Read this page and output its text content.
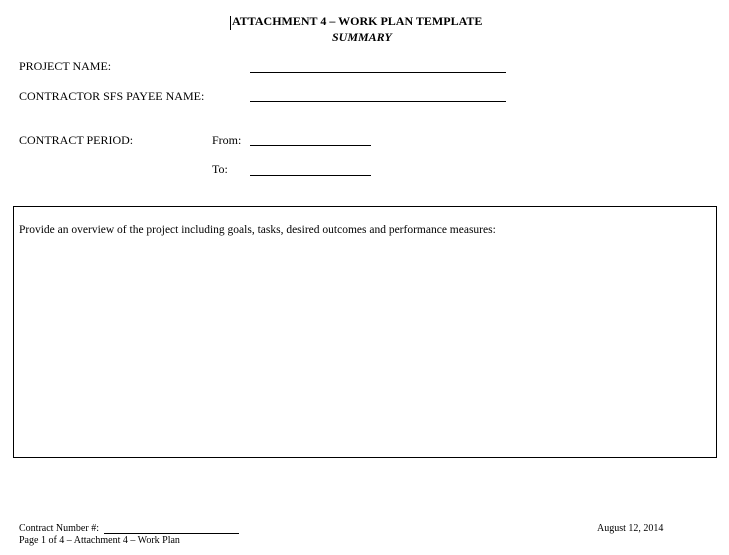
ATTACHMENT 4 – WORK PLAN TEMPLATE
SUMMARY
PROJECT NAME:
CONTRACTOR SFS PAYEE NAME:
CONTRACT PERIOD:	From:
To:
Provide an overview of the project including goals, tasks, desired outcomes and performance measures:
Contract Number #:
Page 1 of 4 – Attachment 4 – Work Plan
August 12, 2014
